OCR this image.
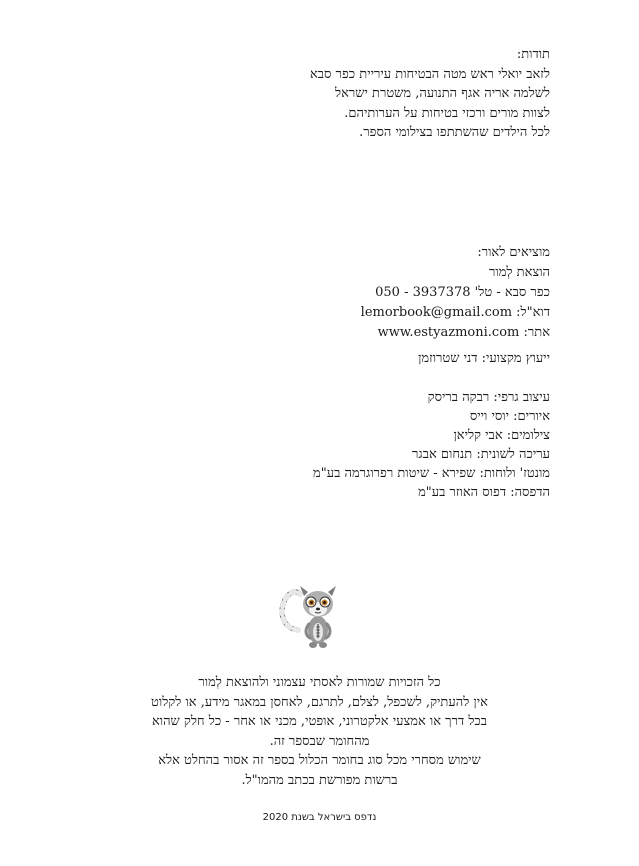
תודות:
לזאב יואלי ראש מטה הבטיחות עיריית כפר סבא
לשלמה אריה אגף התנועה, משטרת ישראל
לצוות מורים ורכזי בטיחות על הערותיהם.
לכל הילדים שהשתתפו בצילומי הספר.
מוציאים לאור:
הוצאת לְמור
כפר סבא - טל' 3937378 - 050
דוא"ל: lemorbook@gmail.com
אתר: www.estyazmoni.com
ייעוץ מקצועי: דני שטרוזמן
עיצוב גרפי: רבקה בריסק
איורים: יוסי וייס
צילומים: אבי קליאן
עריכה לשונית: תנחום אבגר
מונטז' ולוחות: שפירא - שיטות רפרוגרמה בע"מ
הדפסה: דפוס האוזר בע"מ
כל הזכויות שמורות לאסתי עצמוני ולהוצאת לְמור
אין להעתיק, לשכפל, לצלם, לתרגם, לאחסן במאגר מידע, או לקלוט
בכל דרך או אמצעי אלקטרוני, אופטי, מכני או אחר - כל חלק שהוא
מהחומר שבספר זה.
שימוש מסחרי מכל סוג בחומר הכלול בספר זה אסור בהחלט אלא
ברשות מפורשת בכתב מהמו"ל.
נדפס בישראל בשנת 2020
